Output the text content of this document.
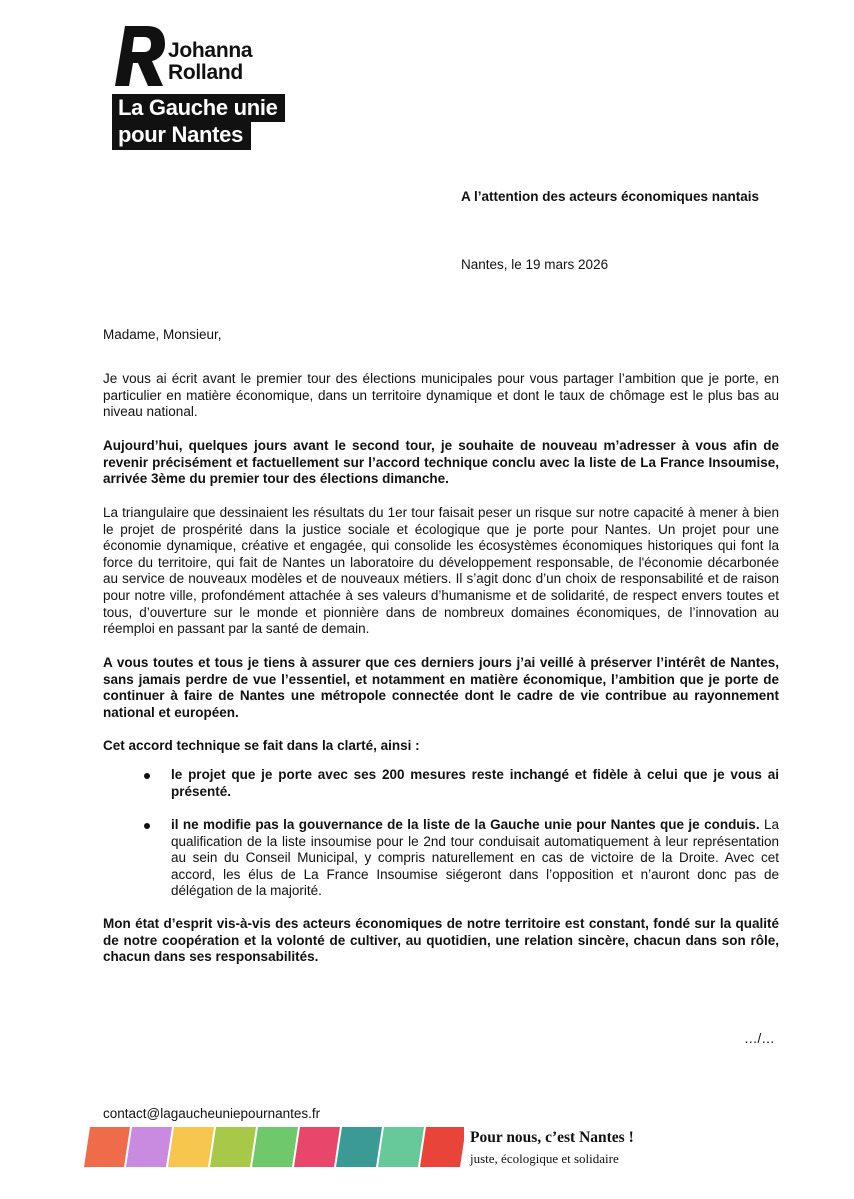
Johanna
Rolland
La Gauche unie
pour Nantes
A l’attention des acteurs économiques nantais
Nantes, le 19 mars 2026
Madame, Monsieur,

Je vous ai écrit avant le premier tour des élections municipales pour vous partager l’ambition que je porte, en particulier en matière économique, dans un territoire dynamique et dont le taux de chômage est le plus bas au niveau national.

Aujourd’hui, quelques jours avant le second tour, je souhaite de nouveau m’adresser à vous afin de revenir précisément et factuellement sur l’accord technique conclu avec la liste de La France Insoumise, arrivée 3ème du premier tour des élections dimanche.

La triangulaire que dessinaient les résultats du 1er tour faisait peser un risque sur notre capacité à mener à bien le projet de prospérité dans la justice sociale et écologique que je porte pour Nantes. Un projet pour une économie dynamique, créative et engagée, qui consolide les écosystèmes économiques historiques qui font la force du territoire, qui fait de Nantes un laboratoire du développement responsable, de l'économie décarbonée au service de nouveaux modèles et de nouveaux métiers. Il s’agit donc d’un choix de responsabilité et de raison pour notre ville, profondément attachée à ses valeurs d’humanisme et de solidarité, de respect envers toutes et tous, d’ouverture sur le monde et pionnière dans de nombreux domaines économiques, de l’innovation au réemploi en passant par la santé de demain.

A vous toutes et tous je tiens à assurer que ces derniers jours j’ai veillé à préserver l’intérêt de Nantes, sans jamais perdre de vue l’essentiel, et notamment en matière économique, l’ambition que je porte de continuer à faire de Nantes une métropole connectée dont le cadre de vie contribue au rayonnement national et européen.

Cet accord technique se fait dans la clarté, ainsi :

le projet que je porte avec ses 200 mesures reste inchangé et fidèle à celui que je vous ai présenté.
il ne modifie pas la gouvernance de la liste de la Gauche unie pour Nantes que je conduis. La qualification de la liste insoumise pour le 2nd tour conduisait automatiquement à leur représentation au sein du Conseil Municipal, y compris naturellement en cas de victoire de la Droite. Avec cet accord, les élus de La France Insoumise siégeront dans l’opposition et n’auront donc pas de délégation de la majorité.

Mon état d’esprit vis-à-vis des acteurs économiques de notre territoire est constant, fondé sur la qualité de notre coopération et la volonté de cultiver, au quotidien, une relation sincère, chacun dans son rôle, chacun dans ses responsabilités.

…/…
contact@lagaucheuniepournantes.fr
Pour nous, c’est Nantes !
juste, écologique et solidaire
